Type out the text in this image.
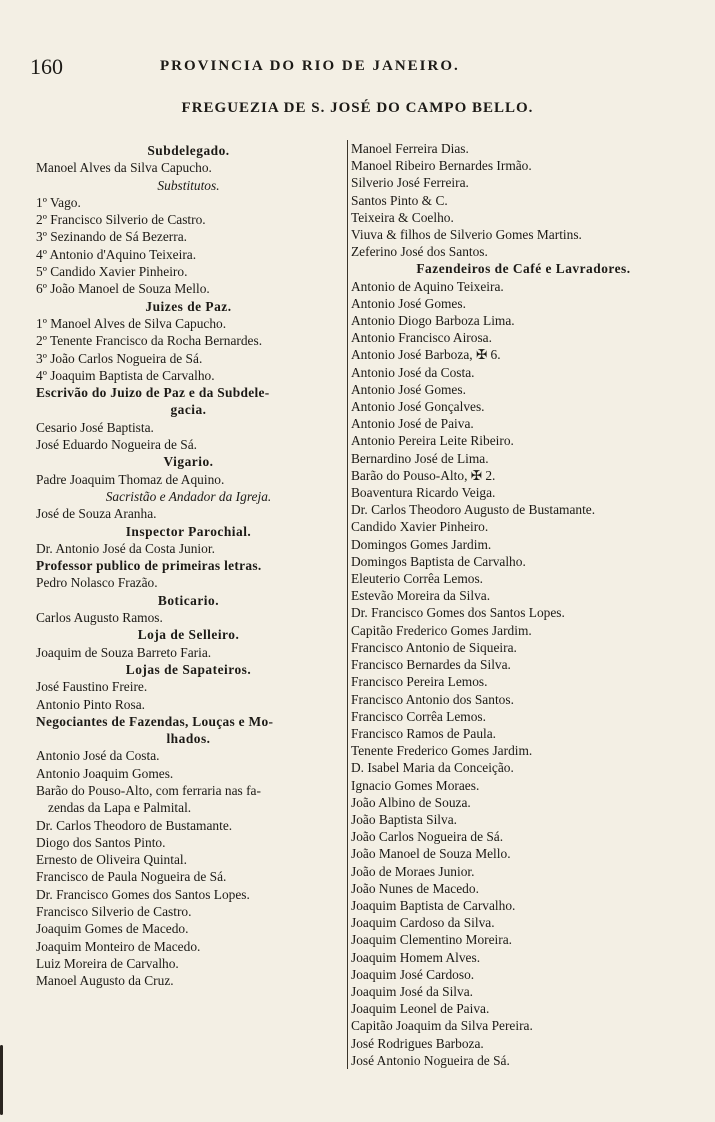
160	PROVINCIA DO RIO DE JANEIRO.
FREGUEZIA DE S. JOSÉ DO CAMPO BELLO.
Subdelegado.
Manoel Alves da Silva Capucho.
Substitutos.
1º Vago.
2º Francisco Silverio de Castro.
3º Sezinando de Sá Bezerra.
4º Antonio d'Aquino Teixeira.
5º Candido Xavier Pinheiro.
6º João Manoel de Souza Mello.
Juizes de Paz.
1º Manoel Alves de Silva Capucho.
2º Tenente Francisco da Rocha Bernardes.
3º João Carlos Nogueira de Sá.
4º Joaquim Baptista de Carvalho.
Escrivão do Juizo de Paz e da Subdele-
gacia.
Cesario José Baptista.
José Eduardo Nogueira de Sá.
Vigario.
Padre Joaquim Thomaz de Aquino.
Sacristão e Andador da Igreja.
José de Souza Aranha.
Inspector Parochial.
Dr. Antonio José da Costa Junior.
Professor publico de primeiras letras.
Pedro Nolasco Frazão.
Boticario.
Carlos Augusto Ramos.
Loja de Selleiro.
Joaquim de Souza Barreto Faria.
Lojas de Sapateiros.
José Faustino Freire.
Antonio Pinto Rosa.
Negociantes de Fazendas, Louças e Mo-
lhados.
Antonio José da Costa.
Antonio Joaquim Gomes.
Barão do Pouso-Alto, com ferraria nas fa-
zendas da Lapa e Palmital.
Dr. Carlos Theodoro de Bustamante.
Diogo dos Santos Pinto.
Ernesto de Oliveira Quintal.
Francisco de Paula Nogueira de Sá.
Dr. Francisco Gomes dos Santos Lopes.
Francisco Silverio de Castro.
Joaquim Gomes de Macedo.
Joaquim Monteiro de Macedo.
Luiz Moreira de Carvalho.
Manoel Augusto da Cruz.
Manoel Ferreira Dias.
Manoel Ribeiro Bernardes Irmão.
Silverio José Ferreira.
Santos Pinto & C.
Teixeira & Coelho.
Viuva & filhos de Silverio Gomes Martins.
Zeferino José dos Santos.
Fazendeiros de Café e Lavradores.
Antonio de Aquino Teixeira.
Antonio José Gomes.
Antonio Diogo Barboza Lima.
Antonio Francisco Airosa.
Antonio José Barboza, ✠ 6.
Antonio José da Costa.
Antonio José Gomes.
Antonio José Gonçalves.
Antonio José de Paiva.
Antonio Pereira Leite Ribeiro.
Bernardino José de Lima.
Barão do Pouso-Alto, ✠ 2.
Boaventura Ricardo Veiga.
Dr. Carlos Theodoro Augusto de Bustamante.
Candido Xavier Pinheiro.
Domingos Gomes Jardim.
Domingos Baptista de Carvalho.
Eleuterio Corrêa Lemos.
Estevão Moreira da Silva.
Dr. Francisco Gomes dos Santos Lopes.
Capitão Frederico Gomes Jardim.
Francisco Antonio de Siqueira.
Francisco Bernardes da Silva.
Francisco Pereira Lemos.
Francisco Antonio dos Santos.
Francisco Corrêa Lemos.
Francisco Ramos de Paula.
Tenente Frederico Gomes Jardim.
D. Isabel Maria da Conceição.
Ignacio Gomes Moraes.
João Albino de Souza.
João Baptista Silva.
João Carlos Nogueira de Sá.
João Manoel de Souza Mello.
João de Moraes Junior.
João Nunes de Macedo.
Joaquim Baptista de Carvalho.
Joaquim Cardoso da Silva.
Joaquim Clementino Moreira.
Joaquim Homem Alves.
Joaquim José Cardoso.
Joaquim José da Silva.
Joaquim Leonel de Paiva.
Capitão Joaquim da Silva Pereira.
José Rodrigues Barboza.
José Antonio Nogueira de Sá.
